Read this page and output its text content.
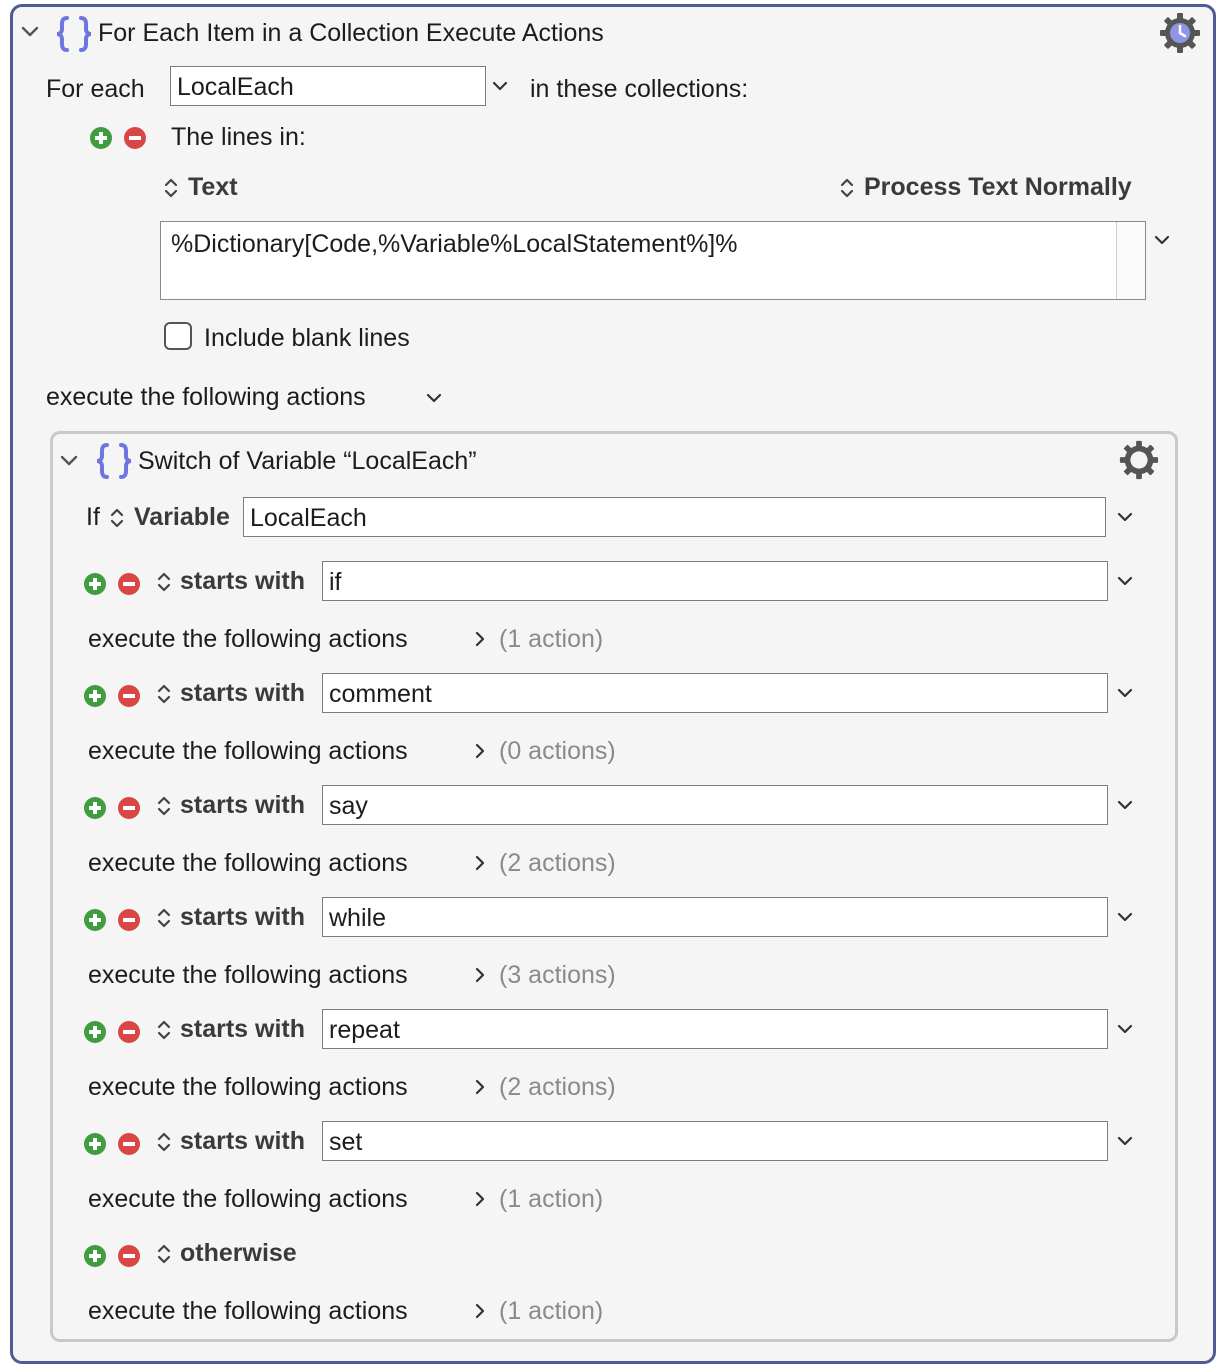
For Each Item in a Collection Execute Actions
For each LocalEach	in these collections:
The lines in:
Text	Process Text Normally
%Dictionary[Code,%Variable%LocalStatement%]%
Include blank lines
execute the following actions
Switch of Variable “LocalEach”
If Variable LocalEach
starts with if
execute the following actions	(1 action)
starts with comment
execute the following actions	(0 actions)
starts with say
execute the following actions	(2 actions)
starts with while
execute the following actions	(3 actions)
starts with repeat
execute the following actions	(2 actions)
starts with set
execute the following actions	(1 action)
otherwise
execute the following actions	(1 action)
